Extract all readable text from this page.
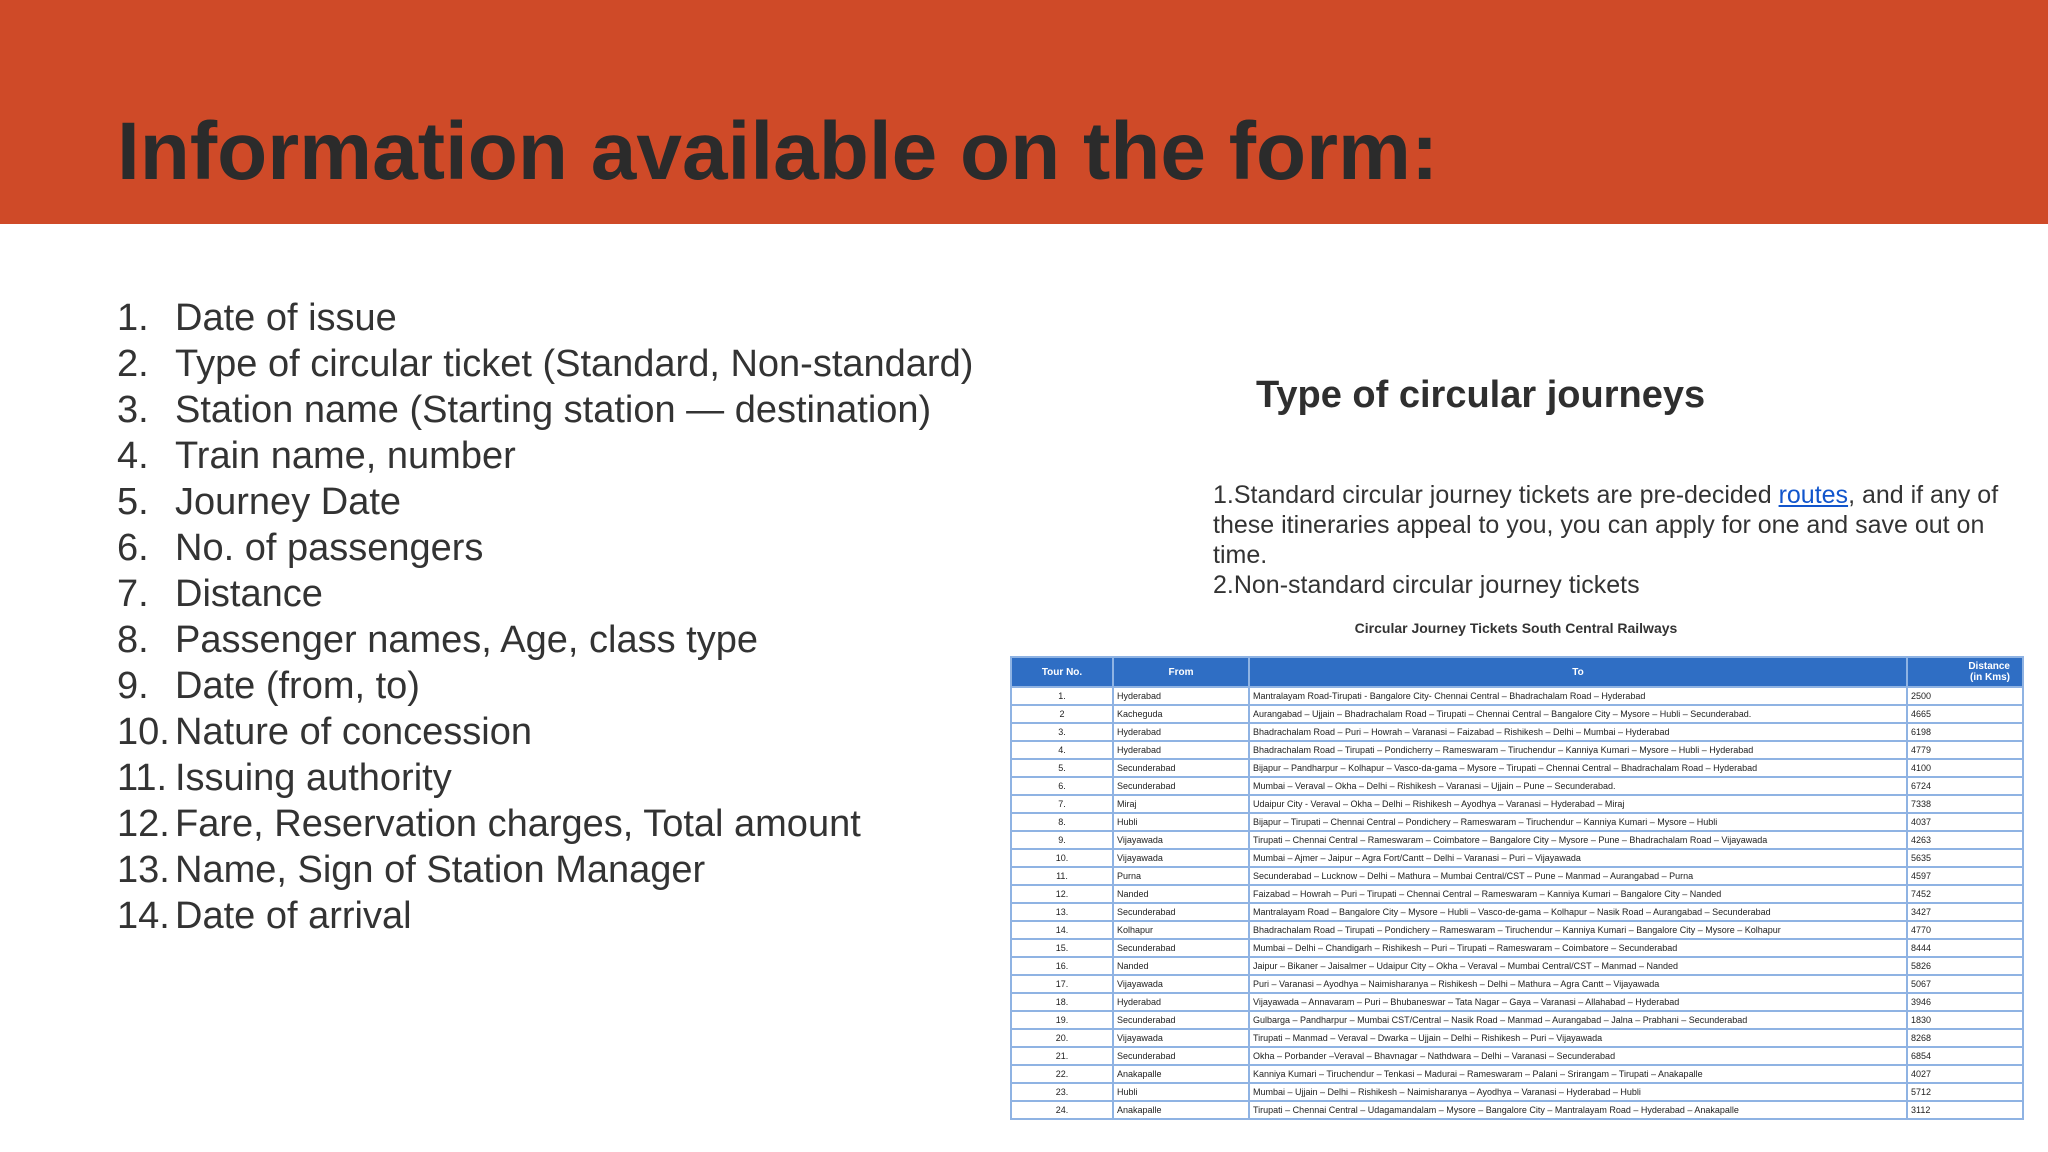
Information available on the form:
1. Date of issue
2. Type of circular ticket (Standard, Non-standard)
3. Station name (Starting station — destination)
4. Train name, number
5. Journey Date
6. No. of passengers
7. Distance
8. Passenger names, Age, class type
9. Date (from, to)
10. Nature of concession
11. Issuing authority
12. Fare, Reservation charges, Total amount
13. Name, Sign of Station Manager
14. Date of arrival
Type of circular journeys
1.Standard circular journey tickets are pre-decided routes, and if any of these itineraries appeal to you, you can apply for one and save out on time.
2.Non-standard circular journey tickets
Circular Journey Tickets South Central Railways
Tour No.	From	To	Distance
(in Kms)
1.	Hyderabad	Mantralayam Road-Tirupati - Bangalore City- Chennai Central – Bhadrachalam Road – Hyderabad	2500
2	Kacheguda	Aurangabad – Ujjain – Bhadrachalam Road – Tirupati – Chennai Central – Bangalore City – Mysore – Hubli – Secunderabad.	4665
3.	Hyderabad	Bhadrachalam Road – Puri – Howrah – Varanasi – Faizabad – Rishikesh – Delhi – Mumbai – Hyderabad	6198
4.	Hyderabad	Bhadrachalam Road – Tirupati – Pondicherry – Rameswaram – Tiruchendur – Kanniya Kumari – Mysore – Hubli – Hyderabad	4779
5.	Secunderabad	Bijapur – Pandharpur – Kolhapur – Vasco-da-gama – Mysore – Tirupati – Chennai Central – Bhadrachalam Road – Hyderabad	4100
6.	Secunderabad	Mumbai – Veraval – Okha – Delhi – Rishikesh – Varanasi – Ujjain – Pune – Secunderabad.	6724
7.	Miraj	Udaipur City - Veraval – Okha – Delhi – Rishikesh – Ayodhya – Varanasi – Hyderabad – Miraj	7338
8.	Hubli	Bijapur – Tirupati – Chennai Central – Pondichery – Rameswaram – Tiruchendur – Kanniya Kumari – Mysore – Hubli	4037
9.	Vijayawada	Tirupati – Chennai Central – Rameswaram – Coimbatore – Bangalore City – Mysore – Pune – Bhadrachalam Road – Vijayawada	4263
10.	Vijayawada	Mumbai – Ajmer – Jaipur – Agra Fort/Cantt – Delhi – Varanasi – Puri – Vijayawada	5635
11.	Purna	Secunderabad – Lucknow – Delhi – Mathura – Mumbai Central/CST – Pune – Manmad – Aurangabad – Purna	4597
12.	Nanded	Faizabad – Howrah – Puri – Tirupati – Chennai Central – Rameswaram – Kanniya Kumari – Bangalore City – Nanded	7452
13.	Secunderabad	Mantralayam Road – Bangalore City – Mysore – Hubli – Vasco-de-gama – Kolhapur – Nasik Road – Aurangabad – Secunderabad	3427
14.	Kolhapur	Bhadrachalam Road – Tirupati – Pondichery – Rameswaram – Tiruchendur – Kanniya Kumari – Bangalore City – Mysore – Kolhapur	4770
15.	Secunderabad	Mumbai – Delhi – Chandigarh – Rishikesh – Puri – Tirupati – Rameswaram – Coimbatore – Secunderabad	8444
16.	Nanded	Jaipur – Bikaner – Jaisalmer – Udaipur City – Okha – Veraval – Mumbai Central/CST – Manmad – Nanded	5826
17.	Vijayawada	Puri – Varanasi – Ayodhya – Naimisharanya – Rishikesh – Delhi – Mathura – Agra Cantt – Vijayawada	5067
18.	Hyderabad	Vijayawada – Annavaram – Puri – Bhubaneswar – Tata Nagar – Gaya – Varanasi – Allahabad – Hyderabad	3946
19.	Secunderabad	Gulbarga – Pandharpur – Mumbai CST/Central – Nasik Road – Manmad – Aurangabad – Jalna – Prabhani – Secunderabad	1830
20.	Vijayawada	Tirupati – Manmad – Veraval – Dwarka – Ujjain – Delhi – Rishikesh – Puri – Vijayawada	8268
21.	Secunderabad	Okha – Porbander –Veraval – Bhavnagar – Nathdwara – Delhi – Varanasi – Secunderabad	6854
22.	Anakapalle	Kanniya Kumari – Tiruchendur – Tenkasi – Madurai – Rameswaram – Palani – Srirangam – Tirupati – Anakapalle	4027
23.	Hubli	Mumbai – Ujjain – Delhi – Rishikesh – Naimisharanya – Ayodhya – Varanasi – Hyderabad – Hubli	5712
24.	Anakapalle	Tirupati – Chennai Central – Udagamandalam – Mysore – Bangalore City – Mantralayam Road – Hyderabad – Anakapalle	3112
